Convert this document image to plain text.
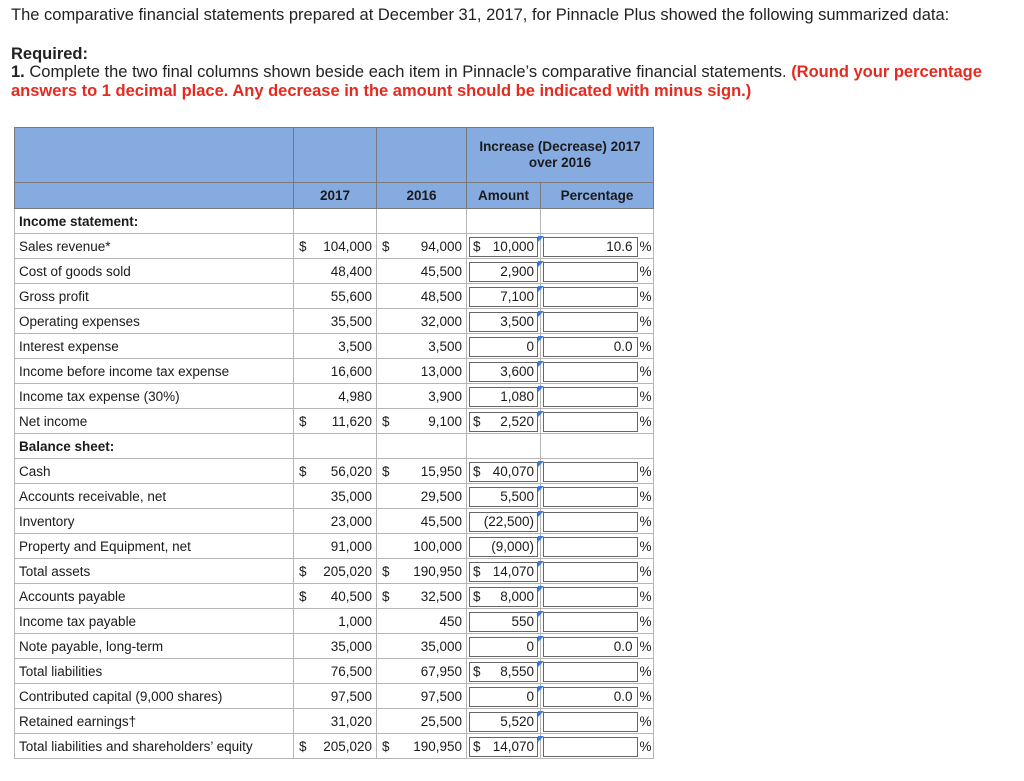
The comparative financial statements prepared at December 31, 2017, for Pinnacle Plus showed the following summarized data:
Required:
1. Complete the two final columns shown beside each item in Pinnacle’s comparative financial statements. (Round your percentage answers to 1 decimal place. Any decrease in the amount should be indicated with minus sign.)
			Increase (Decrease) 2017 over 2016		
	2017	2016	Amount	Percentage	
Income statement:					
Sales revenue*	$ 104,000	$ 94,000	$ 10,000	10.6	%
Cost of goods sold	48,400	45,500	2,900		%
Gross profit	55,600	48,500	7,100		%
Operating expenses	35,500	32,000	3,500		%
Interest expense	3,500	3,500	0	0.0	%
Income before income tax expense	16,600	13,000	3,600		%
Income tax expense (30%)	4,980	3,900	1,080		%
Net income	$ 11,620	$ 9,100	$ 2,520		%
Balance sheet:					
Cash	$ 56,020	$ 15,950	$ 40,070		%
Accounts receivable, net	35,000	29,500	5,500		%
Inventory	23,000	45,500	(22,500)		%
Property and Equipment, net	91,000	100,000	(9,000)		%
Total assets	$ 205,020	$ 190,950	$ 14,070		%
Accounts payable	$ 40,500	$ 32,500	$ 8,000		%
Income tax payable	1,000	450	550		%
Note payable, long-term	35,000	35,000	0	0.0	%
Total liabilities	76,500	67,950	$ 8,550		%
Contributed capital (9,000 shares)	97,500	97,500	0	0.0	%
Retained earnings†	31,020	25,500	5,520		%
Total liabilities and shareholders’ equity	$ 205,020	$ 190,950	$ 14,070		%
